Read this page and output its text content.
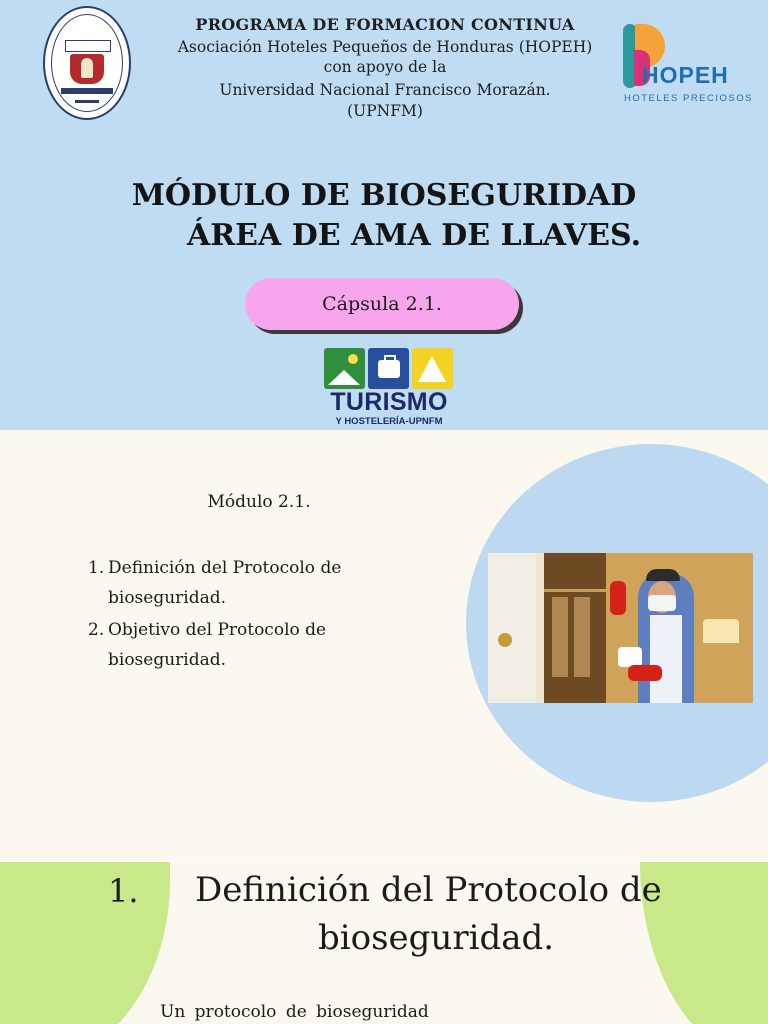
PROGRAMA DE FORMACION CONTINUA
Asociación Hoteles Pequeños de Honduras (HOPEH)
con apoyo de la
Universidad Nacional Francisco Morazán.
(UPNFM)
HOPEH
HOTELES PRECIOSOS
MÓDULO DE BIOSEGURIDAD
ÁREA DE AMA DE LLAVES.
Cápsula 2.1.
TURISMO
Y HOSTELERÍA-UPNFM
Módulo 2.1.
1. Definición del Protocolo de
bioseguridad.
2. Objetivo del Protocolo de
bioseguridad.
1. Definición del Protocolo de
bioseguridad.
Un protocolo de bioseguridad
